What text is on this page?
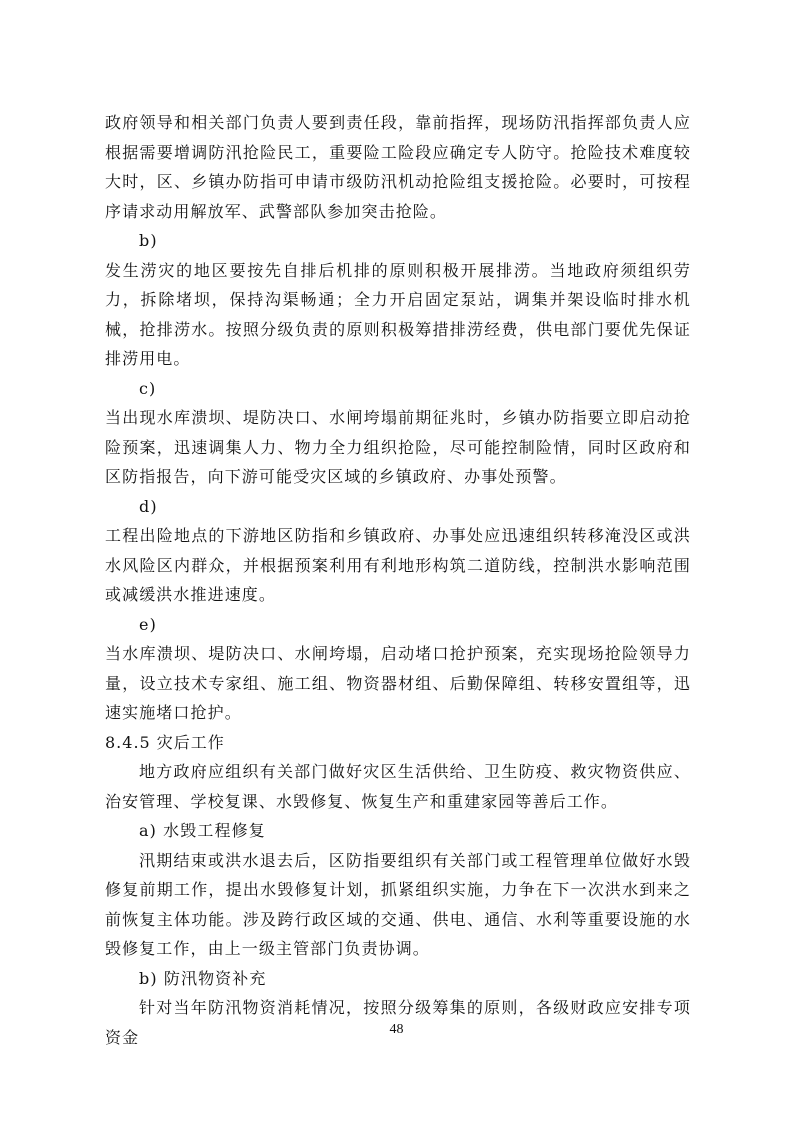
政府领导和相关部门负责人要到责任段，靠前指挥，现场防汛指挥部负责人应根据需要增调防汛抢险民工，重要险工险段应确定专人防守。抢险技术难度较大时，区、乡镇办防指可申请市级防汛机动抢险组支援抢险。必要时，可按程序请求动用解放军、武警部队参加突击抢险。

b)

发生涝灾的地区要按先自排后机排的原则积极开展排涝。当地政府须组织劳力，拆除堵坝，保持沟渠畅通；全力开启固定泵站，调集并架设临时排水机械，抢排涝水。按照分级负责的原则积极筹措排涝经费，供电部门要优先保证排涝用电。

c)

当出现水库溃坝、堤防决口、水闸垮塌前期征兆时，乡镇办防指要立即启动抢险预案，迅速调集人力、物力全力组织抢险，尽可能控制险情，同时区政府和区防指报告，向下游可能受灾区域的乡镇政府、办事处预警。

d)

工程出险地点的下游地区防指和乡镇政府、办事处应迅速组织转移淹没区或洪水风险区内群众，并根据预案利用有利地形构筑二道防线，控制洪水影响范围或减缓洪水推进速度。

e)

当水库溃坝、堤防决口、水闸垮塌，启动堵口抢护预案，充实现场抢险领导力量，设立技术专家组、施工组、物资器材组、后勤保障组、转移安置组等，迅速实施堵口抢护。

8.4.5 灾后工作

地方政府应组织有关部门做好灾区生活供给、卫生防疫、救灾物资供应、治安管理、学校复课、水毁修复、恢复生产和重建家园等善后工作。

a) 水毁工程修复

汛期结束或洪水退去后，区防指要组织有关部门或工程管理单位做好水毁修复前期工作，提出水毁修复计划，抓紧组织实施，力争在下一次洪水到来之前恢复主体功能。涉及跨行政区域的交通、供电、通信、水利等重要设施的水毁修复工作，由上一级主管部门负责协调。

b) 防汛物资补充

针对当年防汛物资消耗情况，按照分级筹集的原则，各级财政应安排专项资金	48
